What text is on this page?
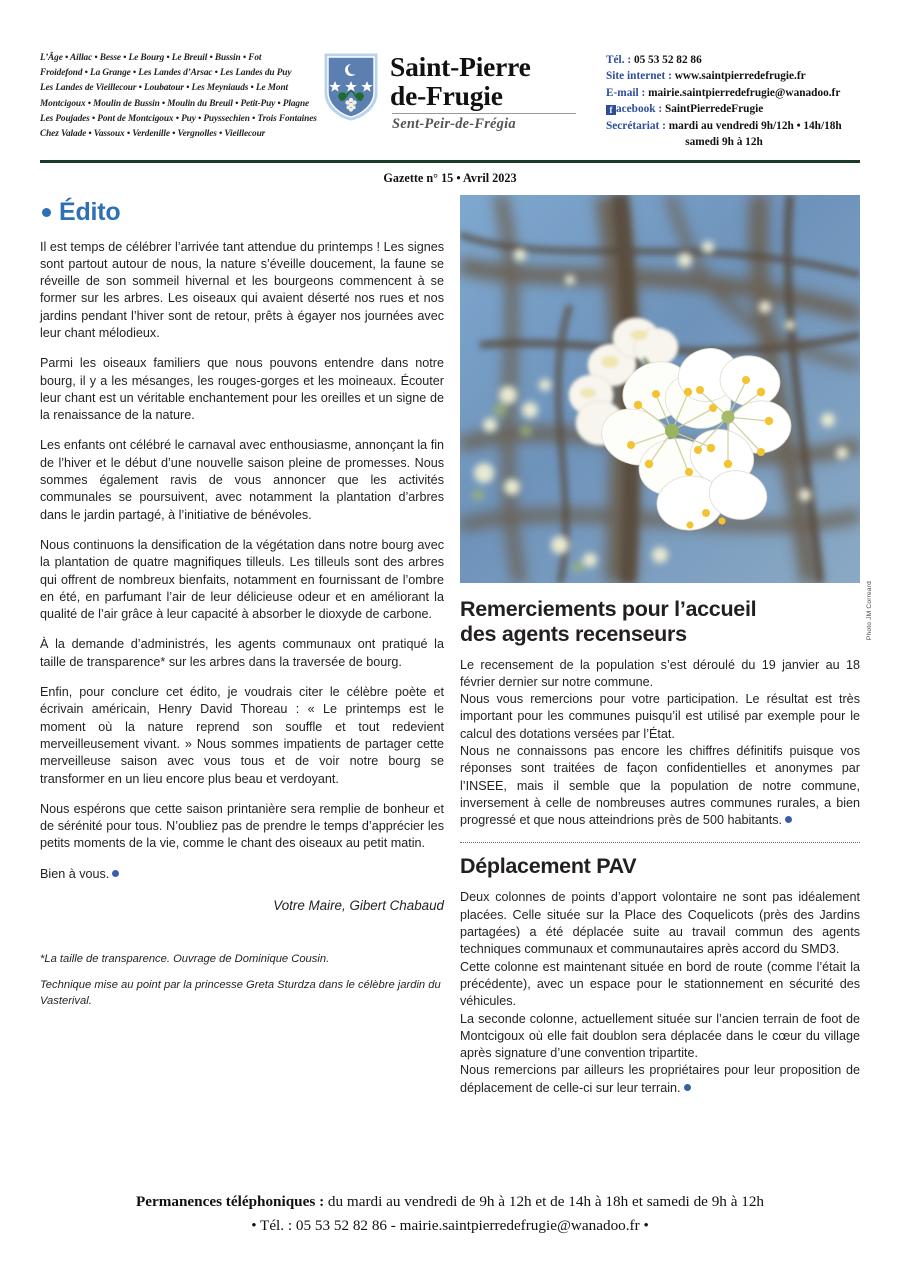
L’Âge • Aillac • Besse • Le Bourg • Le Breuil • Bussin • Fot
Froidefond • La Grange • Les Landes d’Arsac • Les Landes du Puy
Les Landes de Vieillecour • Loubatour • Les Meyniauds • Le Mont
Montcigoux • Moulin de Bussin • Moulin du Breuil • Petit-Puy • Plagne
Les Poujades • Pont de Montcigoux • Puy • Puyssechien • Trois Fontaines
Chez Valade • Vassoux • Verdenille • Vergnolles • Vieillecour
Saint-Pierre
de-Frugie
Sent-Peir-de-Frégia
Tél. : 05 53 52 82 86
Site internet : www.saintpierredefrugie.fr
E-mail : mairie.saintpierredefrugie@wanadoo.fr
f acebook : SaintPierredeFrugie
Secrétariat : mardi au vendredi 9h/12h • 14h/18h
samedi 9h à 12h
Gazette n° 15 • Avril 2023
Édito

Il est temps de célébrer l’arrivée tant attendue du printemps ! Les signes sont partout autour de nous, la nature s’éveille doucement, la faune se réveille de son sommeil hivernal et les bourgeons commencent à se former sur les arbres. Les oiseaux qui avaient déserté nos rues et nos jardins pendant l’hiver sont de retour, prêts à égayer nos journées avec leur chant mélodieux.

Parmi les oiseaux familiers que nous pouvons entendre dans notre bourg, il y a les mésanges, les rouges-gorges et les moineaux. Écouter leur chant est un véritable enchantement pour les oreilles et un signe de la renaissance de la nature.

Les enfants ont célébré le carnaval avec enthousiasme, annonçant la fin de l’hiver et le début d’une nouvelle saison pleine de promesses. Nous sommes également ravis de vous annoncer que les activités communales se poursuivent, avec notamment la plantation d’arbres dans le jardin partagé, à l’initiative de bénévoles.

Nous continuons la densification de la végétation dans notre bourg avec la plantation de quatre magnifiques tilleuls. Les tilleuls sont des arbres qui offrent de nombreux bienfaits, notamment en fournissant de l’ombre en été, en parfumant l’air de leur délicieuse odeur et en améliorant la qualité de l’air grâce à leur capacité à absorber le dioxyde de carbone.

À la demande d’administrés, les agents communaux ont pratiqué la taille de transparence* sur les arbres dans la traversée de bourg.

Enfin, pour conclure cet édito, je voudrais citer le célèbre poète et écrivain américain, Henry David Thoreau : « Le printemps est le moment où la nature reprend son souffle et tout redevient merveilleusement vivant. » Nous sommes impatients de partager cette merveilleuse saison avec vous tous et de voir notre bourg se transformer en un lieu encore plus beau et verdoyant.

Nous espérons que cette saison printanière sera remplie de bonheur et de sérénité pour tous. N’oubliez pas de prendre le temps d’apprécier les petits moments de la vie, comme le chant des oiseaux au petit matin.

Bien à vous.

Votre Maire, Gibert Chabaud

*La taille de transparence. Ouvrage de Dominique Cousin.

Technique mise au point par la princesse Greta Sturdza dans le célèbre jardin du Vasterival.

Photo JM Correard
Remerciements pour l’accueil
des agents recenseurs

Le recensement de la population s’est déroulé du 19 janvier au 18 février dernier sur notre commune.

Nous vous remercions pour votre participation. Le résultat est très important pour les communes puisqu’il est utilisé par exemple pour le calcul des dotations versées par l’État.

Nous ne connaissons pas encore les chiffres définitifs puisque vos réponses sont traitées de façon confidentielles et anonymes par l’INSEE, mais il semble que la population de notre commune, inversement à celle de nombreuses autres communes rurales, a bien progressé et que nous atteindrions près de 500 habitants.

Déplacement PAV

Deux colonnes de points d’apport volontaire ne sont pas idéalement placées. Celle située sur la Place des Coquelicots (près des Jardins partagées) a été déplacée suite au travail commun des agents techniques communaux et communautaires après accord du SMD3.

Cette colonne est maintenant située en bord de route (comme l’était la précédente), avec un espace pour le stationnement en sécurité des véhicules.

La seconde colonne, actuellement située sur l’ancien terrain de foot de Montcigoux où elle fait doublon sera déplacée dans le cœur du village après signature d’une convention tripartite.

Nous remercions par ailleurs les propriétaires pour leur proposition de déplacement de celle-ci sur leur terrain.

Permanences téléphoniques : du mardi au vendredi de 9h à 12h et de 14h à 18h et samedi de 9h à 12h
• Tél. : 05 53 52 82 86 - mairie.saintpierredefrugie@wanadoo.fr •
